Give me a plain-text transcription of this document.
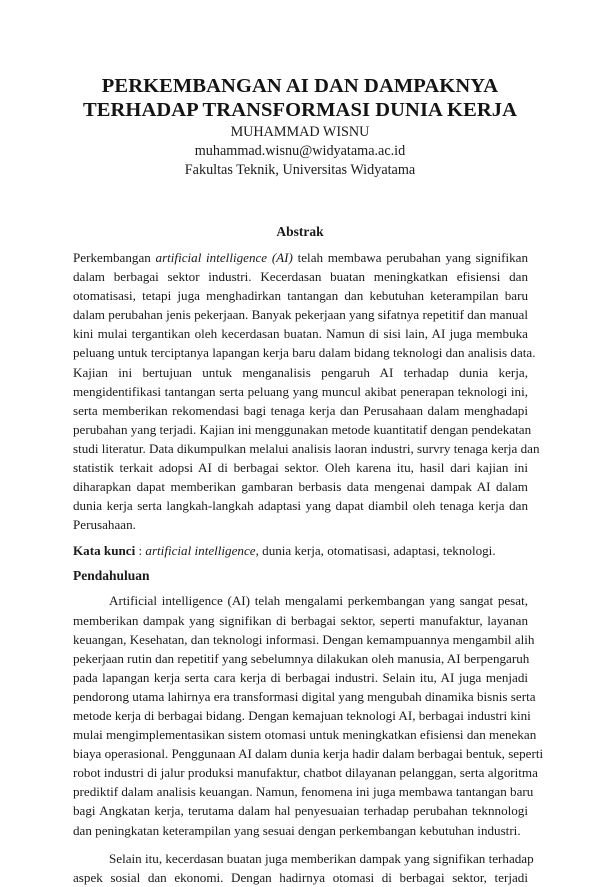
PERKEMBANGAN AI DAN DAMPAKNYA
TERHADAP TRANSFORMASI DUNIA KERJA
MUHAMMAD WISNU
muhammad.wisnu@widyatama.ac.id
Fakultas Teknik, Universitas Widyatama
Abstrak
Perkembangan artificial intelligence (AI) telah membawa perubahan yang signifikan
dalam berbagai sektor industri. Kecerdasan buatan meningkatkan efisiensi dan
otomatisasi, tetapi juga menghadirkan tantangan dan kebutuhan keterampilan baru
dalam perubahan jenis pekerjaan. Banyak pekerjaan yang sifatnya repetitif dan manual
kini mulai tergantikan oleh kecerdasan buatan. Namun di sisi lain, AI juga membuka
peluang untuk terciptanya lapangan kerja baru dalam bidang teknologi dan analisis data.
Kajian ini bertujuan untuk menganalisis pengaruh AI terhadap dunia kerja,
mengidentifikasi tantangan serta peluang yang muncul akibat penerapan teknologi ini,
serta memberikan rekomendasi bagi tenaga kerja dan Perusahaan dalam menghadapi
perubahan yang terjadi. Kajian ini menggunakan metode kuantitatif dengan pendekatan
studi literatur. Data dikumpulkan melalui analisis laoran industri, survry tenaga kerja dan
statistik terkait adopsi AI di berbagai sektor. Oleh karena itu, hasil dari kajian ini
diharapkan dapat memberikan gambaran berbasis data mengenai dampak AI dalam
dunia kerja serta langkah-langkah adaptasi yang dapat diambil oleh tenaga kerja dan
Perusahaan.
Kata kunci : artificial intelligence, dunia kerja, otomatisasi, adaptasi, teknologi.
Pendahuluan
Artificial intelligence (AI) telah mengalami perkembangan yang sangat pesat,
memberikan dampak yang signifikan di berbagai sektor, seperti manufaktur, layanan
keuangan, Kesehatan, dan teknologi informasi. Dengan kemampuannya mengambil alih
pekerjaan rutin dan repetitif yang sebelumnya dilakukan oleh manusia, AI berpengaruh
pada lapangan kerja serta cara kerja di berbagai industri. Selain itu, AI juga menjadi
pendorong utama lahirnya era transformasi digital yang mengubah dinamika bisnis serta
metode kerja di berbagai bidang. Dengan kemajuan teknologi AI, berbagai industri kini
mulai mengimplementasikan sistem otomasi untuk meningkatkan efisiensi dan menekan
biaya operasional. Penggunaan AI dalam dunia kerja hadir dalam berbagai bentuk, seperti
robot industri di jalur produksi manufaktur, chatbot dilayanan pelanggan, serta algoritma
prediktif dalam analisis keuangan. Namun, fenomena ini juga membawa tantangan baru
bagi Angkatan kerja, terutama dalam hal penyesuaian terhadap perubahan teknnologi
dan peningkatan keterampilan yang sesuai dengan perkembangan kebutuhan industri.
Selain itu, kecerdasan buatan juga memberikan dampak yang signifikan terhadap
aspek sosial dan ekonomi. Dengan hadirnya otomasi di berbagai sektor, terjadi
